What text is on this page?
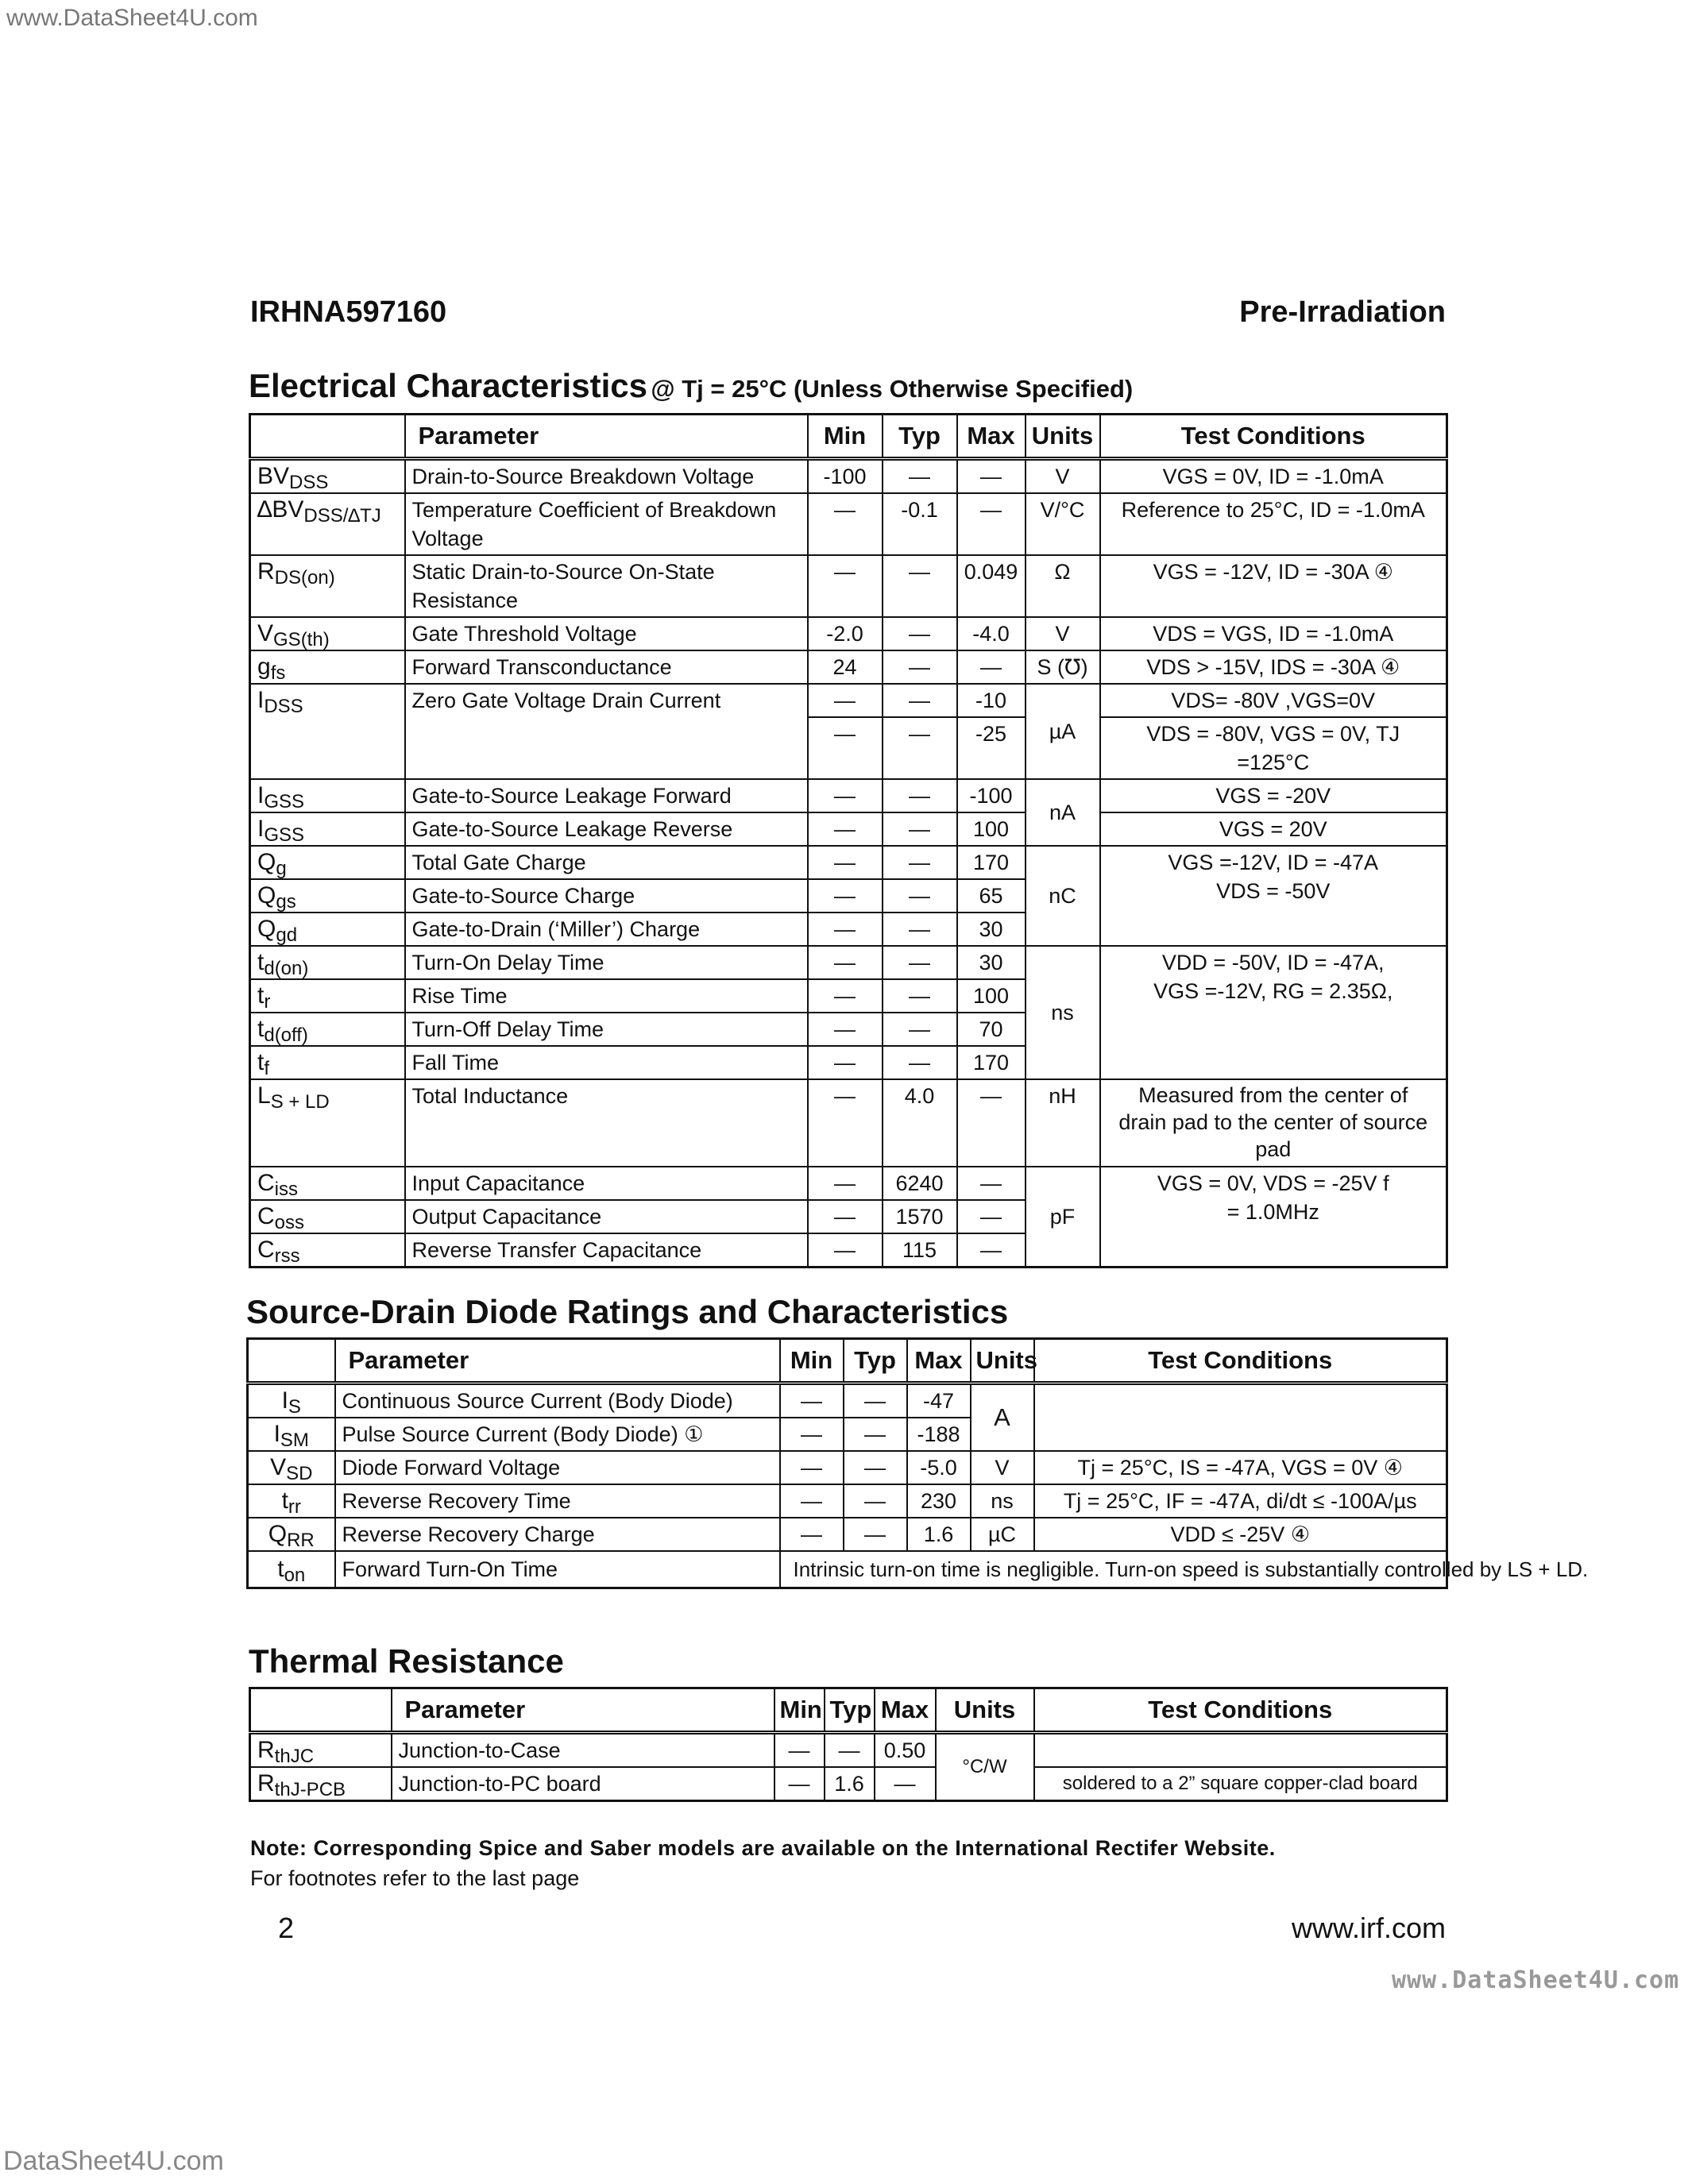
www.DataSheet4U.com
IRHNA597160	Pre-Irradiation
Electrical Characteristics @ Tj = 25°C (Unless Otherwise Specified)
	Parameter	Min	Typ	Max	Units	Test Conditions
$BV_{DSS}$	Drain-to-Source Breakdown Voltage	-100	—	—	V	VGS = 0V, ID = -1.0mA
$\Delta BV_{DSS/\Delta TJ}$	Temperature Coefficient of Breakdown Voltage	—	-0.1	—	V/°C	Reference to 25°C, ID = -1.0mA
$R_{DS(on)}$	Static Drain-to-Source On-State Resistance	—	—	0.049	Ω	VGS = -12V, ID = -30A ④
$V_{GS(th)}$	Gate Threshold Voltage	-2.0	—	-4.0	V	VDS = VGS, ID = -1.0mA
$g_{fs}$	Forward Transconductance	24	—	—	S (℧)	VDS > -15V, IDS = -30A ④
$I_{DSS}$	Zero Gate Voltage Drain Current	—	—	-10	µA	VDS= -80V ,VGS=0V
		—	—	-25		VDS = -80V, VGS = 0V, TJ =125°C
$I_{GSS}$	Gate-to-Source Leakage Forward	—	—	-100	nA	VGS = -20V
$I_{GSS}$	Gate-to-Source Leakage Reverse	—	—	100		VGS = 20V
$Q_g$	Total Gate Charge	—	—	170	nC	VGS =-12V, ID = -47A VDS = -50V
$Q_{gs}$	Gate-to-Source Charge	—	—	65		
$Q_{gd}$	Gate-to-Drain (‘Miller’) Charge	—	—	30		
$t_{d(on)}$	Turn-On Delay Time	—	—	30	ns	VDD = -50V, ID = -47A, VGS =-12V, RG = 2.35Ω,
$t_r$	Rise Time	—	—	100		
$t_{d(off)}$	Turn-Off Delay Time	—	—	70		
$t_f$	Fall Time	—	—	170		
$L_{S + LD}$	Total Inductance	—	4.0	—	nH	Measured from the center of drain pad to the center of source pad
$C_{iss}$	Input Capacitance	—	6240	—	pF	VGS = 0V, VDS = -25V f = 1.0MHz
$C_{oss}$	Output Capacitance	—	1570	—		
$C_{rss}$	Reverse Transfer Capacitance	—	115	—		
Source-Drain Diode Ratings and Characteristics
	Parameter	Min	Typ	Max	Units	Test Conditions
$I_S$	Continuous Source Current (Body Diode)	—	—	-47	A	
$I_{SM}$	Pulse Source Current (Body Diode) ①	—	—	-188		
$V_{SD}$	Diode Forward Voltage	—	—	-5.0	V	Tj = 25°C, IS = -47A, VGS = 0V ④
$t_{rr}$	Reverse Recovery Time	—	—	230	ns	Tj = 25°C, IF = -47A, di/dt ≤ -100A/µs
$Q_{RR}$	Reverse Recovery Charge	—	—	1.6	µC	VDD ≤ -25V ④
$t_{on}$	Forward Turn-On Time	Intrinsic turn-on time is negligible. Turn-on speed is substantially controlled by LS + LD.				
Thermal Resistance
	Parameter	Min	Typ	Max	Units	Test Conditions
$R_{thJC}$	Junction-to-Case	—	—	0.50	°C/W	
$R_{thJ-PCB}$	Junction-to-PC board	—	1.6	—		soldered to a 2” square copper-clad board
Note: Corresponding Spice and Saber models are available on the International Rectifer Website.
For footnotes refer to the last page
2	www.irf.com
www.DataSheet4U.com
DataSheet4U.com
